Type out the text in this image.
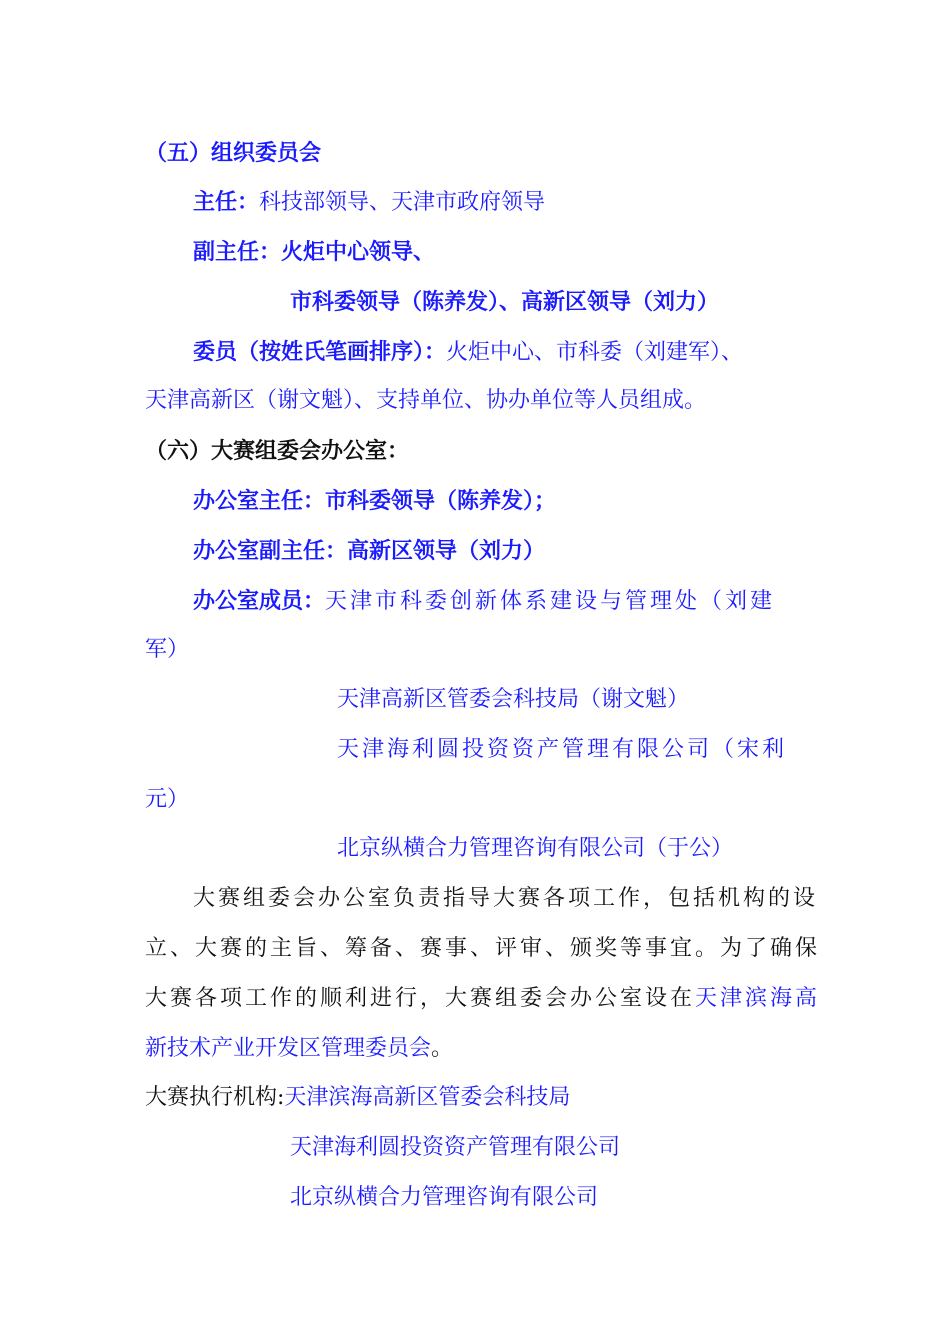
（五）组织委员会
主任：科技部领导、天津市政府领导
副主任：火炬中心领导、
市科委领导（陈养发）、高新区领导（刘力）
委员（按姓氏笔画排序）：火炬中心、市科委（刘建军）、
天津高新区（谢文魁）、支持单位、协办单位等人员组成。
（六）大赛组委会办公室：
办公室主任：市科委领导（陈养发）；
办公室副主任：高新区领导（刘力）
办公室成员：天津市科委创新体系建设与管理处（刘建
军）
天津高新区管委会科技局（谢文魁）
天津海利圆投资资产管理有限公司（宋利
元）
北京纵横合力管理咨询有限公司（于公）
大赛组委会办公室负责指导大赛各项工作，包括机构的设
立、大赛的主旨、筹备、赛事、评审、颁奖等事宜。为了确保
大赛各项工作的顺利进行，大赛组委会办公室设在天津滨海高
新技术产业开发区管理委员会。
大赛执行机构:天津滨海高新区管委会科技局
天津海利圆投资资产管理有限公司
北京纵横合力管理咨询有限公司
